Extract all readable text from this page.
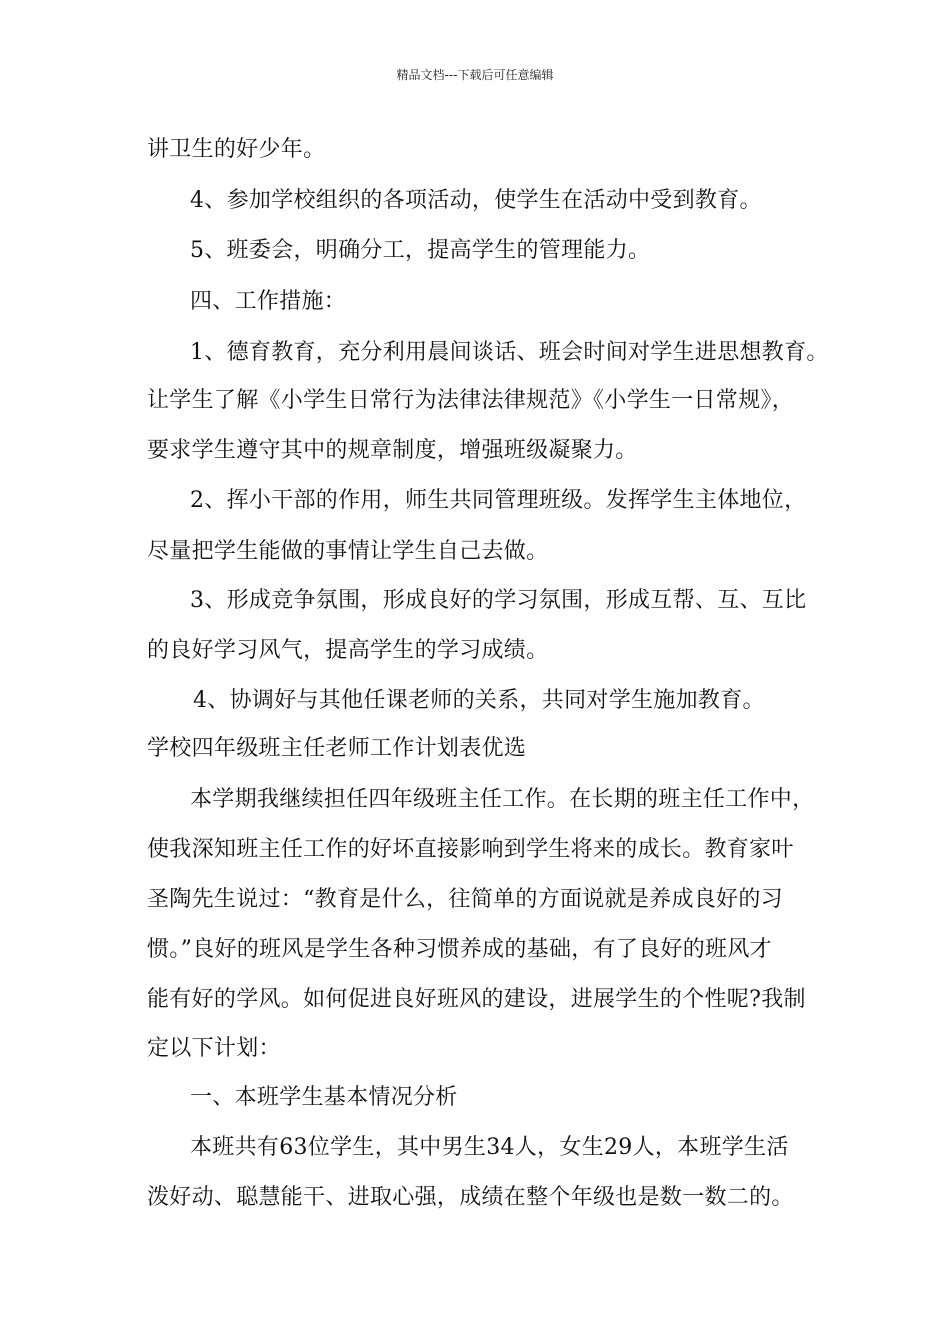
精品文档---下载后可任意编辑
讲卫生的好少年。
4、参加学校组织的各项活动，使学生在活动中受到教育。
5、班委会，明确分工，提高学生的管理能力。
四、工作措施：
1、德育教育，充分利用晨间谈话、班会时间对学生进思想教育。
让学生了解《小学生日常行为法律法律规范》《小学生一日常规》，
要求学生遵守其中的规章制度，增强班级凝聚力。
2、挥小干部的作用，师生共同管理班级。发挥学生主体地位，
尽量把学生能做的事情让学生自己去做。
3、形成竞争氛围，形成良好的学习氛围，形成互帮、互、互比
的良好学习风气，提高学生的学习成绩。
4、协调好与其他任课老师的关系，共同对学生施加教育。
学校四年级班主任老师工作计划表优选
本学期我继续担任四年级班主任工作。在长期的班主任工作中，
使我深知班主任工作的好坏直接影响到学生将来的成长。教育家叶
圣陶先生说过：“教育是什么，往简单的方面说就是养成良好的习
惯。”良好的班风是学生各种习惯养成的基础，有了良好的班风才
能有好的学风。如何促进良好班风的建设，进展学生的个性呢?我制
定以下计划：
一、本班学生基本情况分析
本班共有63位学生，其中男生34人，女生29人，本班学生活
泼好动、聪慧能干、进取心强，成绩在整个年级也是数一数二的。
